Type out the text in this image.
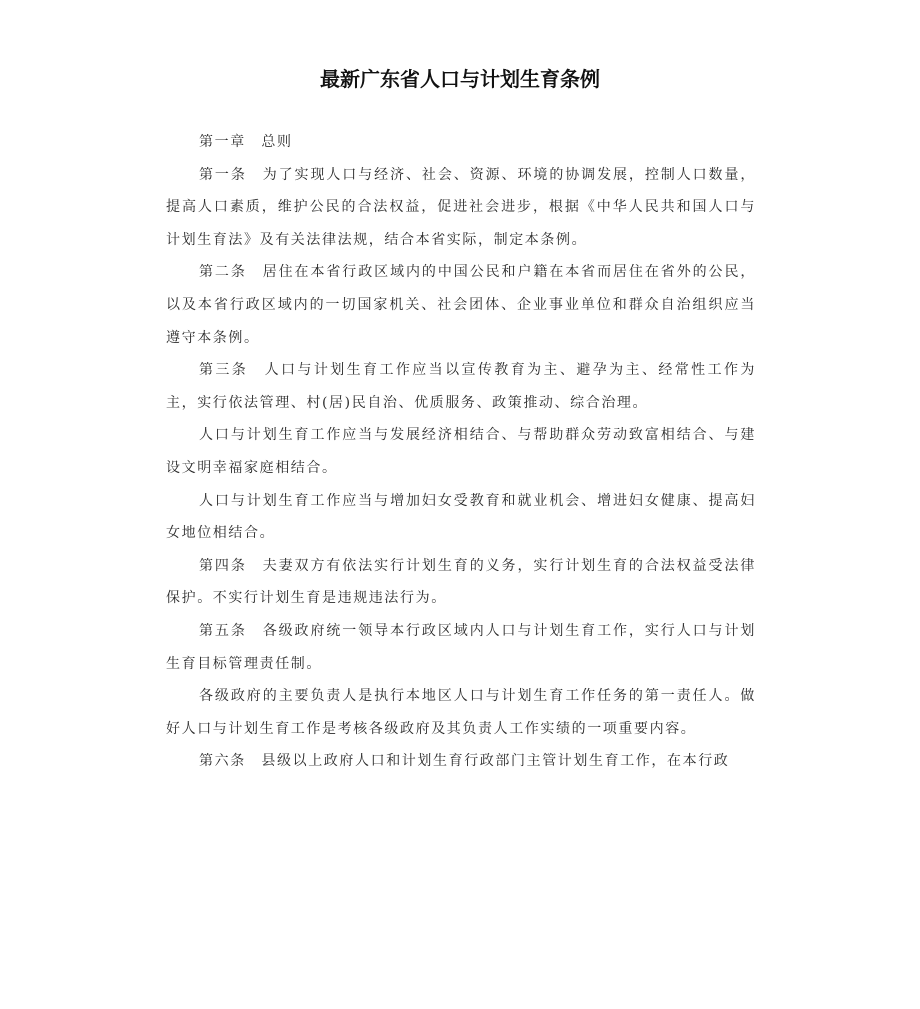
最新广东省人口与计划生育条例

第一章　总则

第一条　为了实现人口与经济、社会、资源、环境的协调发展，控制人口数量，提高人口素质，维护公民的合法权益，促进社会进步，根据《中华人民共和国人口与计划生育法》及有关法律法规，结合本省实际，制定本条例。

第二条　居住在本省行政区域内的中国公民和户籍在本省而居住在省外的公民，以及本省行政区域内的一切国家机关、社会团体、企业事业单位和群众自治组织应当遵守本条例。

第三条　人口与计划生育工作应当以宣传教育为主、避孕为主、经常性工作为主，实行依法管理、村(居)民自治、优质服务、政策推动、综合治理。

人口与计划生育工作应当与发展经济相结合、与帮助群众劳动致富相结合、与建设文明幸福家庭相结合。

人口与计划生育工作应当与增加妇女受教育和就业机会、增进妇女健康、提高妇女地位相结合。

第四条　夫妻双方有依法实行计划生育的义务，实行计划生育的合法权益受法律保护。不实行计划生育是违规违法行为。

第五条　各级政府统一领导本行政区域内人口与计划生育工作，实行人口与计划生育目标管理责任制。

各级政府的主要负责人是执行本地区人口与计划生育工作任务的第一责任人。做好人口与计划生育工作是考核各级政府及其负责人工作实绩的一项重要内容。

第六条　县级以上政府人口和计划生育行政部门主管计划生育工作，在本行政
